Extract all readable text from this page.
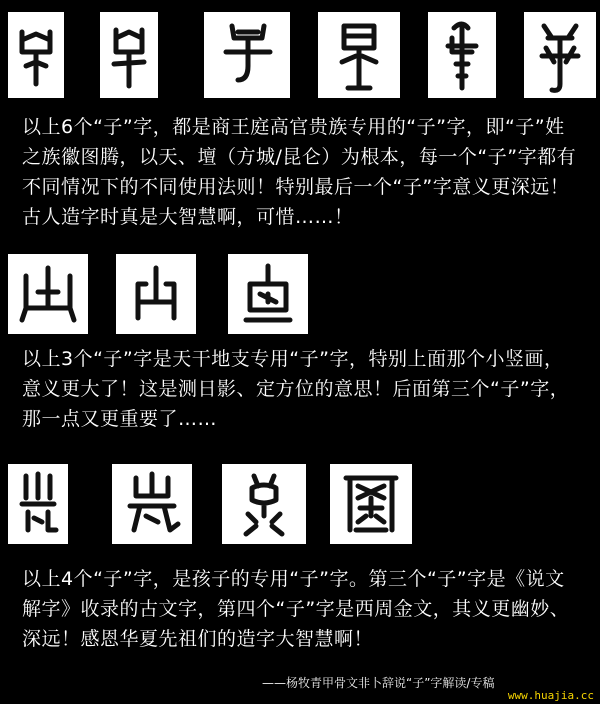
以上6个“子”字，都是商王庭高官贵族专用的“子”字，即“子”姓之族徽图腾，以天、壇（方城/昆仑）为根本，每一个“子”字都有不同情况下的不同使用法则！特别最后一个“子”字意义更深远！古人造字时真是大智慧啊，可惜……！
以上3个“子”字是天干地支专用“子”字，特别上面那个小竖画，意义更大了！这是测日影、定方位的意思！后面第三个“子”字，那一点又更重要了……
以上4个“子”字，是孩子的专用“子”字。第三个“子”字是《说文解字》收录的古文字，第四个“子”字是西周金文，其义更幽妙、深远！感恩华夏先祖们的造字大智慧啊！
——杨牧青甲骨文非卜辞说“子”字解读/专稿
www.huajia.cc
